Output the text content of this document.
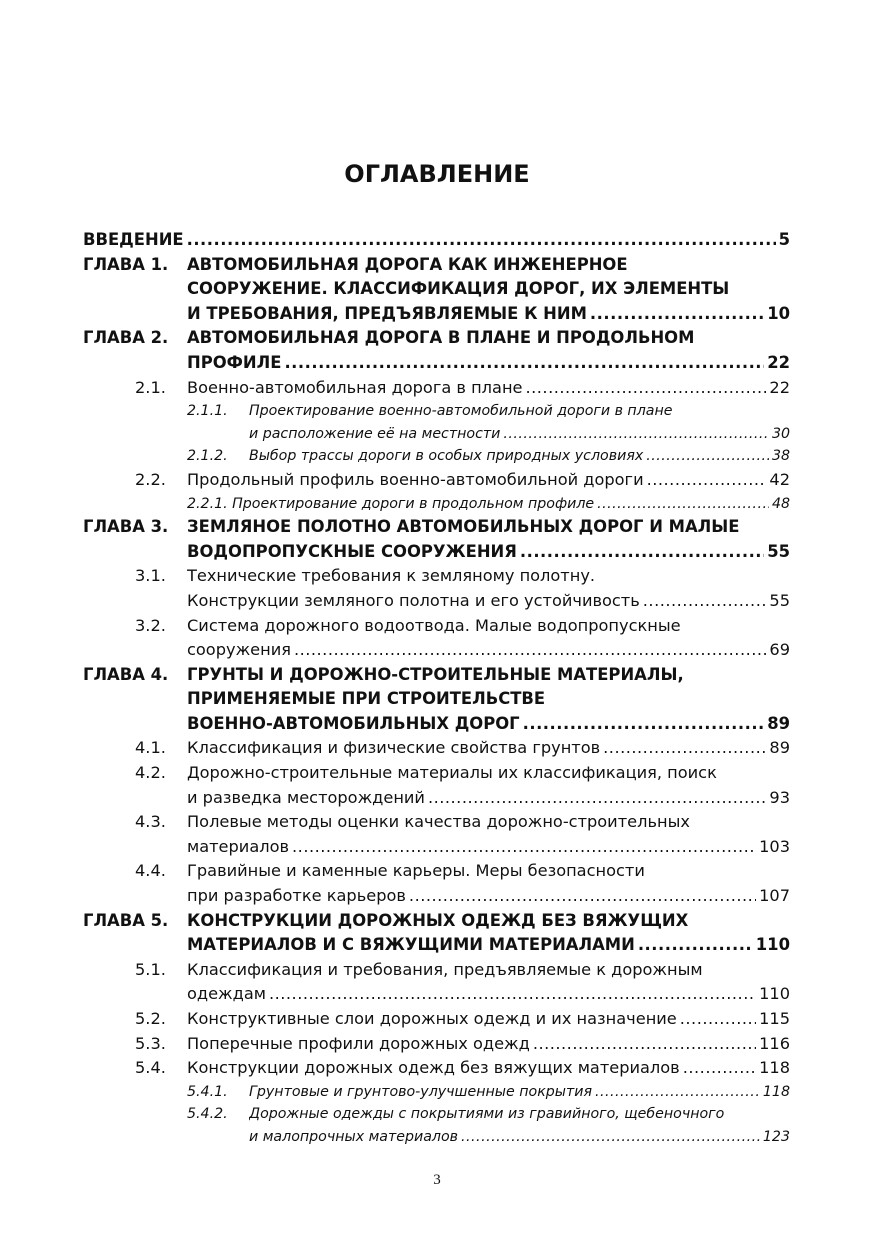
ОГЛАВЛЕНИЕ
ВВЕДЕНИЕ .....	5
ГЛАВА 1. АВТОМОБИЛЬНАЯ ДОРОГА КАК ИНЖЕНЕРНОЕ
СООРУЖЕНИЕ. КЛАССИФИКАЦИЯ ДОРОГ, ИХ ЭЛЕМЕНТЫ
И ТРЕБОВАНИЯ, ПРЕДЪЯВЛЯЕМЫЕ К НИМ .....	10
ГЛАВА 2. АВТОМОБИЛЬНАЯ ДОРОГА В ПЛАНЕ И ПРОДОЛЬНОМ
ПРОФИЛЕ .....	22
2.1. Военно-автомобильная дорога в плане .....	22
2.1.1. Проектирование военно-автомобильной дороги в плане
и расположение её на местности .....	30
2.1.2. Выбор трассы дороги в особых природных условиях .....	38
2.2. Продольный профиль военно-автомобильной дороги .....	42
2.2.1. Проектирование дороги в продольном профиле .....	48
ГЛАВА 3. ЗЕМЛЯНОЕ ПОЛОТНО АВТОМОБИЛЬНЫХ ДОРОГ И МАЛЫЕ
ВОДОПРОПУСКНЫЕ СООРУЖЕНИЯ .....	55
3.1. Технические требования к земляному полотну.
Конструкции земляного полотна и его устойчивость .....	55
3.2. Система дорожного водоотвода. Малые водопропускные
сооружения .....	69
ГЛАВА 4. ГРУНТЫ И ДОРОЖНО-СТРОИТЕЛЬНЫЕ МАТЕРИАЛЫ,
ПРИМЕНЯЕМЫЕ ПРИ СТРОИТЕЛЬСТВЕ
ВОЕННО-АВТОМОБИЛЬНЫХ ДОРОГ .....	89
4.1. Классификация и физические свойства грунтов .....	89
4.2. Дорожно-строительные материалы их классификация, поиск
и разведка месторождений .....	93
4.3. Полевые методы оценки качества дорожно-строительных
материалов .....	103
4.4. Гравийные и каменные карьеры. Меры безопасности
при разработке карьеров .....	107
ГЛАВА 5. КОНСТРУКЦИИ ДОРОЖНЫХ ОДЕЖД БЕЗ ВЯЖУЩИХ
МАТЕРИАЛОВ И С ВЯЖУЩИМИ МАТЕРИАЛАМИ .....	110
5.1. Классификация и требования, предъявляемые к дорожным
одеждам .....	110
5.2. Конструктивные слои дорожных одежд и их назначение .....	115
5.3. Поперечные профили дорожных одежд .....	116
5.4. Конструкции дорожных одежд без вяжущих материалов .....	118
5.4.1. Грунтовые и грунтово-улучшенные покрытия .....	118
5.4.2. Дорожные одежды с покрытиями из гравийного, щебеночного
и малопрочных материалов .....	123
3
